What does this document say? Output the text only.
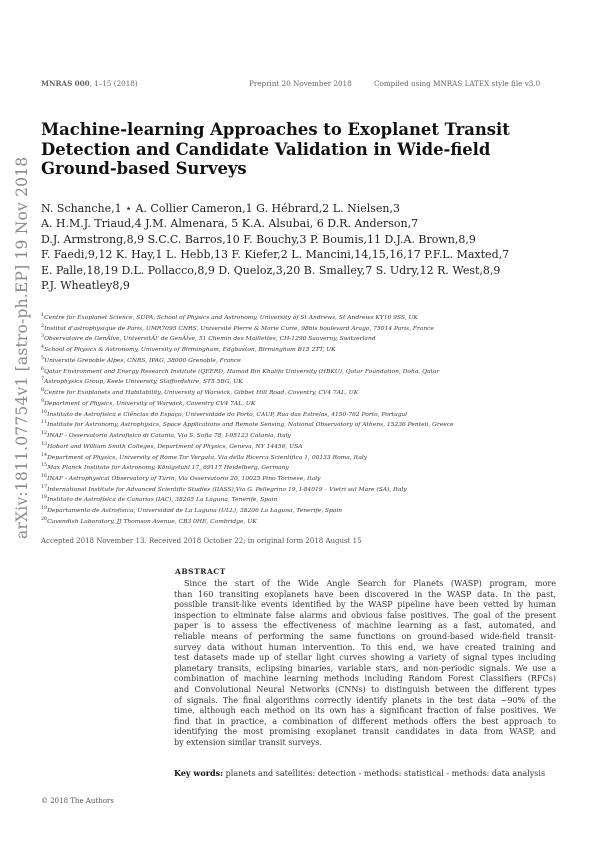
MNRAS 000, 1–15 (2018)	Preprint 20 November 2018	Compiled using MNRAS LATEX style file v3.0
arXiv:1811.07754v1 [astro-ph.EP] 19 Nov 2018
Machine-learning Approaches to Exoplanet Transit
Detection and Candidate Validation in Wide-field
Ground-based Surveys
N. Schanche,1 ⋆ A. Collier Cameron,1 G. Hébrard,2 L. Nielsen,3
A. H.M.J. Triaud,4 J.M. Almenara, 5 K.A. Alsubai, 6 D.R. Anderson,7
D.J. Armstrong,8,9 S.C.C. Barros,10 F. Bouchy,3 P. Boumis,11 D.J.A. Brown,8,9
F. Faedi,9,12 K. Hay,1 L. Hebb,13 F. Kiefer,2 L. Mancini,14,15,16,17 P.F.L. Maxted,7
E. Palle,18,19 D.L. Pollacco,8,9 D. Queloz,3,20 B. Smalley,7 S. Udry,12 R. West,8,9
P.J. Wheatley8,9
$^1$Centre for Exoplanet Science, SUPA, School of Physics and Astronomy, University of St Andrews, St Andrews KY16 9SS, UK
$^2$Institut d'astrophysique de Paris, UMR7095 CNRS, Université Pierre & Marie Curie, 98bis boulevard Arago, 75014 Paris, France
$^3$Observatoire de GenÃĺve, UniversitÃl' de GenÃĺve, 51 Chemin des Maillettes, CH-1290 Sauverny, Switzerland
$^4$School of Physics & Astronomy, University of Birmingham, Edgbaston, Birmingham B15 2TT, UK
$^5$Université Grenoble Alpes, CNRS, IPAG, 38000 Grenoble, France
$^6$Qatar Environment and Energy Research Institute (QEERI), Hamad Bin Khalifa University (HBKU), Qatar Foundation, Doha, Qatar
$^7$Astrophysics Group, Keele University, Staffordshire, ST5 5BG, UK
$^8$Centre for Exoplanets and Habitability, University of Warwick, Gibbet Hill Road, Coventry, CV4 7AL, UK
$^9$Department of Physics, University of Warwick, Coventry CV4 7AL, UK
$^{10}$Instituto de Astrofísica e Ciências do Espaço, Universidade do Porto, CAUP, Rua das Estrelas, 4150-762 Porto, Portugal
$^{11}$Institute for Astronomy, Astrophysics, Space Applications and Remote Sensing, National Observatory of Athens, 15236 Penteli, Greece
$^{12}$INAF - Osservatorio Astrofisico di Catania, Via S. Sofia 78, I-95123 Catania, Italy
$^{13}$Hobart and William Smith Colleges, Department of Physics, Geneva, NY 14456, USA
$^{14}$Department of Physics, University of Rome Tor Vergata, Via della Ricerca Scientifica 1, 00133 Roma, Italy
$^{15}$Max Planck Institute for Astronomy, Königstuhl 17, 69117 Heidelberg, Germany
$^{16}$INAF - Astrophysical Observatory of Turin, Via Osservatorio 20, 10025 Pino Torinese, Italy
$^{17}$International Institute for Advanced Scientific Studies (IIASS),Via G. Pellegrino 19, I-84019 – Vietri sul Mare (SA), Italy
$^{18}$Instituto de Astrofísica de Canarias (IAC), 38205 La Laguna, Tenerife, Spain
$^{19}$Departamento de Astrofísica, Universidad de La Laguna (ULL), 38206 La Laguna, Tenerife, Spain
$^{20}$Cavendish Laboratory, JJ Thomson Avenue, CB3 0HE, Cambridge, UK
Accepted 2018 November 13. Received 2018 October 22; in original form 2018 August 15
ABSTRACT
Since the start of the Wide Angle Search for Planets (WASP) program, more
than 160 transiting exoplanets have been discovered in the WASP data. In the past,
possible transit-like events identified by the WASP pipeline have been vetted by human
inspection to eliminate false alarms and obvious false positives. The goal of the present
paper is to assess the effectiveness of machine learning as a fast, automated, and
reliable means of performing the same functions on ground-based wide-field transit-
survey data without human intervention. To this end, we have created training and
test datasets made up of stellar light curves showing a variety of signal types including
planetary transits, eclipsing binaries, variable stars, and non-periodic signals. We use a
combination of machine learning methods including Random Forest Classifiers (RFCs)
and Convolutional Neural Networks (CNNs) to distinguish between the different types
of signals. The final algorithms correctly identify planets in the test data ~90% of the
time, although each method on its own has a significant fraction of false positives. We
find that in practice, a combination of different methods offers the best approach to
identifying the most promising exoplanet transit candidates in data from WASP, and
by extension similar transit surveys.
Key words: planets and satellites: detection - methods: statistical - methods: data analysis
© 2018 The Authors
